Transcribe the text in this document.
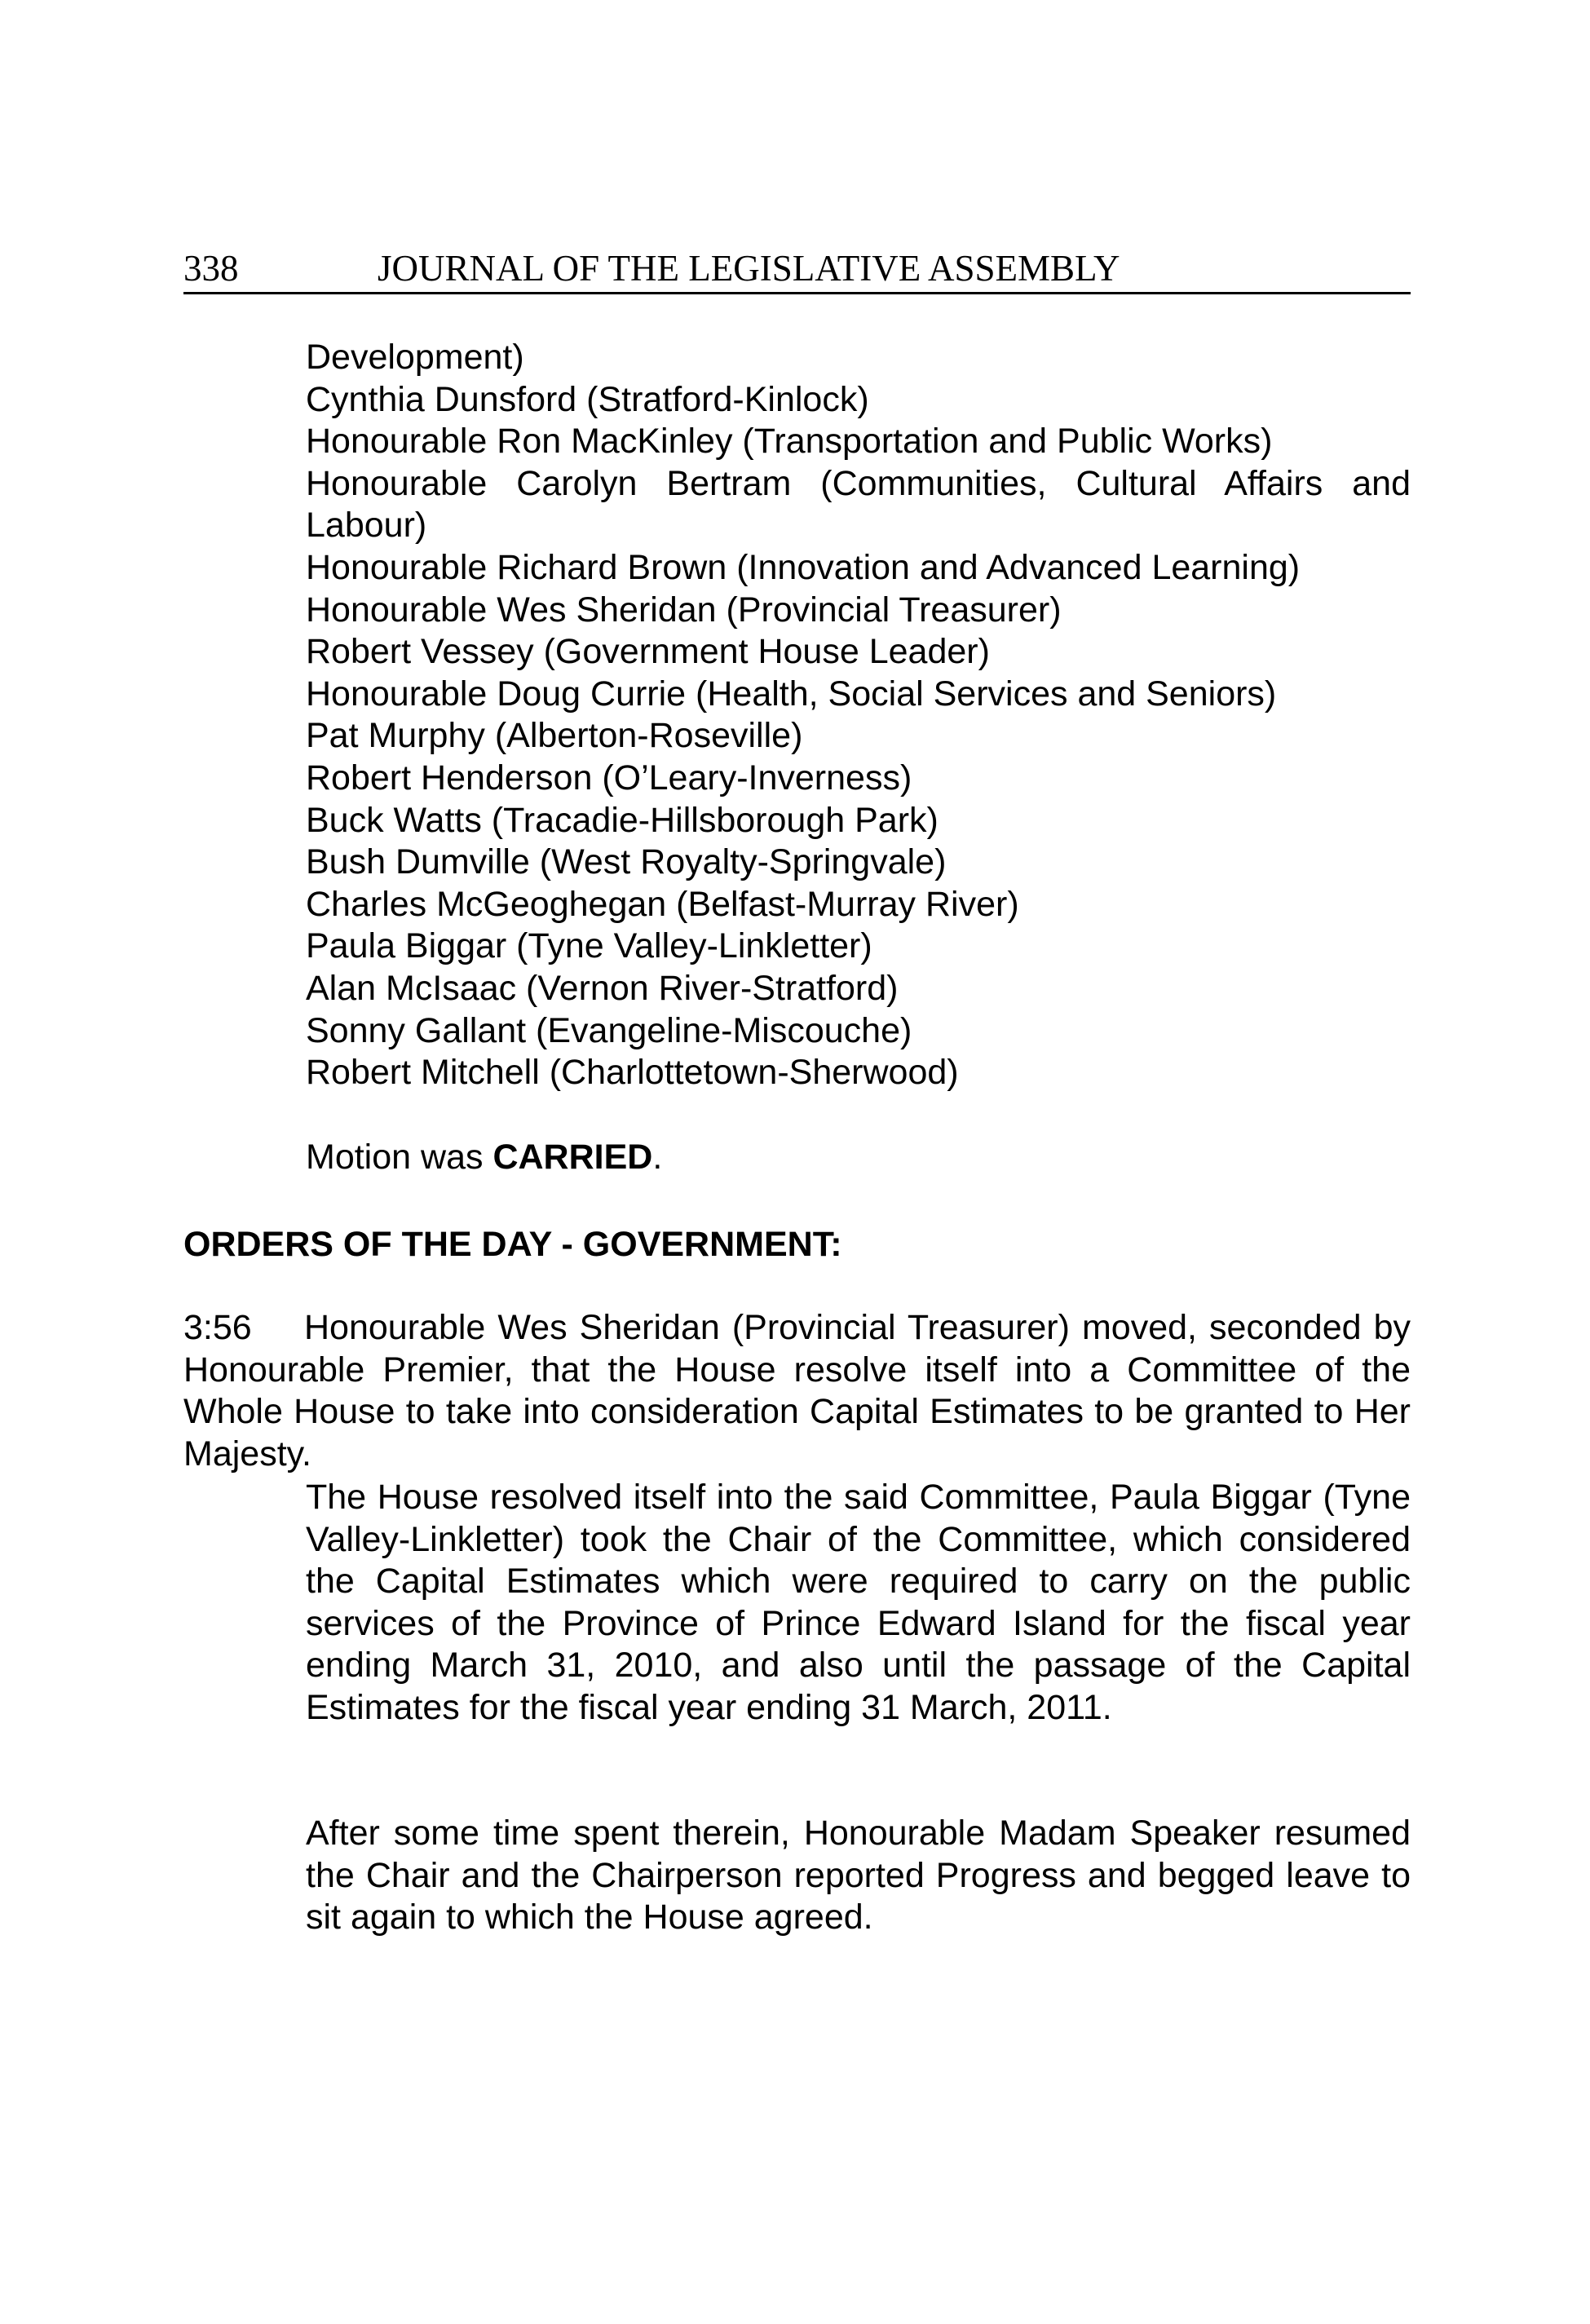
338	JOURNAL OF THE LEGISLATIVE ASSEMBLY
Development)
Cynthia Dunsford (Stratford-Kinlock)
Honourable Ron MacKinley (Transportation and Public Works)
Honourable Carolyn Bertram (Communities, Cultural Affairs and Labour)
Honourable Richard Brown (Innovation and Advanced Learning)
Honourable Wes Sheridan (Provincial Treasurer)
Robert Vessey (Government House Leader)
Honourable Doug Currie (Health, Social Services and Seniors)
Pat Murphy (Alberton-Roseville)
Robert Henderson (O’Leary-Inverness)
Buck Watts (Tracadie-Hillsborough Park)
Bush Dumville (West Royalty-Springvale)
Charles McGeoghegan (Belfast-Murray River)
Paula Biggar (Tyne Valley-Linkletter)
Alan McIsaac (Vernon River-Stratford)
Sonny Gallant (Evangeline-Miscouche)
Robert Mitchell (Charlottetown-Sherwood)
Motion was CARRIED.
ORDERS OF THE DAY - GOVERNMENT:

3:56 Honourable Wes Sheridan (Provincial Treasurer) moved, seconded by Honourable Premier, that the House resolve itself into a Committee of the Whole House to take into consideration Capital Estimates to be granted to Her Majesty.

The House resolved itself into the said Committee, Paula Biggar (Tyne Valley-Linkletter) took the Chair of the Committee, which considered the Capital Estimates which were required to carry on the public services of the Province of Prince Edward Island for the fiscal year ending March 31, 2010, and also until the passage of the Capital Estimates for the fiscal year ending 31 March, 2011.

After some time spent therein, Honourable Madam Speaker resumed the Chair and the Chairperson reported Progress and begged leave to sit again to which the House agreed.
